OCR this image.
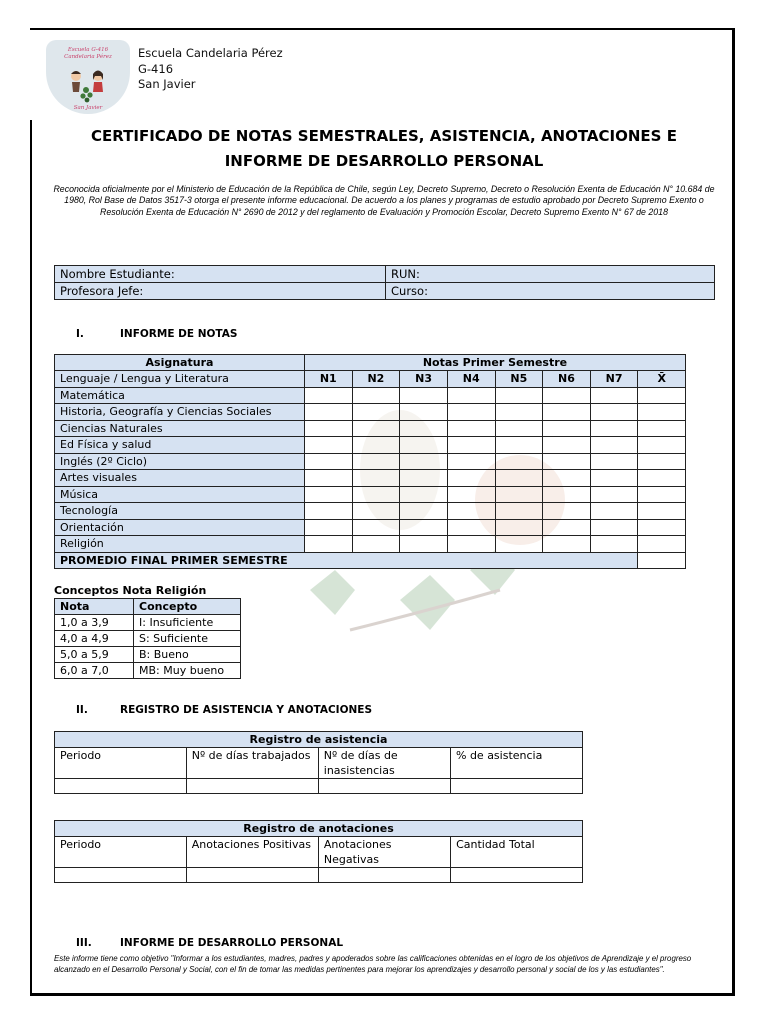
Escuela G-416
Candelaria Pérez
San Javier
Escuela Candelaria Pérez
G-416
San Javier
CERTIFICADO DE NOTAS SEMESTRALES, ASISTENCIA, ANOTACIONES E
INFORME DE DESARROLLO PERSONAL
Reconocida oficialmente por el Ministerio de Educación de la República de Chile, según Ley, Decreto Supremo, Decreto o Resolución Exenta de Educación N° 10.684 de 1980, Rol Base de Datos 3517-3 otorga el presente informe educacional. De acuerdo a los planes y programas de estudio aprobado por Decreto Supremo Exento o Resolución Exenta de Educación N° 2690 de 2012 y del reglamento de Evaluación y Promoción Escolar, Decreto Supremo Exento N° 67 de 2018
Nombre Estudiante:	RUN:
Profesora Jefe:	Curso:
I.	INFORME DE NOTAS
Asignatura	Notas Primer Semestre							
Lenguaje / Lengua y Literatura	N1	N2	N3	N4	N5	N6	N7	X̄
Matemática								
Historia, Geografía y Ciencias Sociales								
Ciencias Naturales								
Ed Física y salud								
Inglés (2º Ciclo)								
Artes visuales								
Música								
Tecnología								
Orientación								
Religión								
PROMEDIO FINAL PRIMER SEMESTRE								
Conceptos Nota Religión
Nota	Concepto
1,0 a 3,9	I: Insuficiente
4,0 a 4,9	S: Suficiente
5,0 a 5,9	B: Bueno
6,0 a 7,0	MB: Muy bueno
II.	REGISTRO DE ASISTENCIA Y ANOTACIONES
Registro de asistencia			
Periodo	Nº de días trabajados	Nº de días de inasistencias	% de asistencia

Registro de anotaciones			
Periodo	Anotaciones Positivas	Anotaciones Negativas	Cantidad Total

III.	INFORME DE DESARROLLO PERSONAL
Este informe tiene como objetivo "Informar a los estudiantes, madres, padres y apoderados sobre las calificaciones obtenidas en el logro de los objetivos de Aprendizaje y el progreso alcanzado en el Desarrollo Personal y Social, con el fin de tomar las medidas pertinentes para mejorar los aprendizajes y desarrollo personal y social de los y las estudiantes".
